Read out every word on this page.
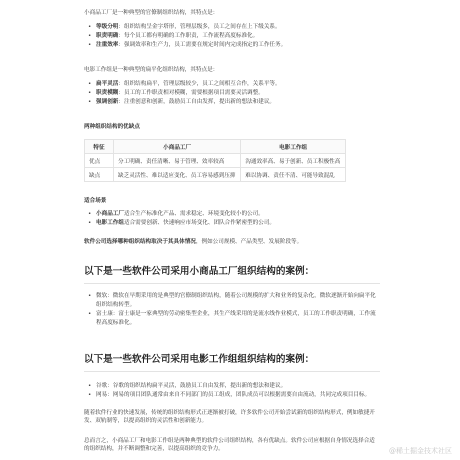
小商品工厂是一种典型的官僚制组织结构，其特点是：

• 等级分明：组织结构呈金字塔形，管理层级多，员工之间存在上下级关系。
• 职责明确：每个员工都有明确的工作职责，工作流程高度标准化。
• 注重效率：强调效率和生产力，员工需要在规定时间内完成指定的工作任务。

电影工作组是一种典型的扁平化组织结构，其特点是：

• 扁平灵活：组织结构扁平，管理层级较少，员工之间相互合作，关系平等。
• 职责模糊：员工的工作职责相对模糊，需要根据项目需要灵活调整。
• 强调创新：注重创意和创新，鼓励员工自由发挥，提出新的想法和建议。

两种组织结构的优缺点

特征	小商品工厂	电影工作组
优点	分工明确、责任清晰、易于管理、效率较高	沟通效率高、易于创新、员工积极性高
缺点	缺乏灵活性、难以适应变化、员工容易感到压抑	难以协调、责任不清、可能导致混乱

适合场景

• 小商品工厂适合生产标准化产品、需求稳定、环境变化较小的公司。
• 电影工作组适合需要创新、快速响应市场变化、团队合作紧密型的公司。

软件公司选择哪种组织结构取决于其具体情况，例如公司规模、产品类型、发展阶段等。

以下是一些软件公司采用小商品工厂组织结构的案例：
• 微软：微软在早期采用的是典型的官僚制组织结构，随着公司规模的扩大和业务的复杂化，微软逐渐开始向扁平化组织结构转型。
• 富士康：富士康是一家典型的劳动密集型企业，其生产线采用的是流水线作业模式，员工的工作职责明确，工作流程高度标准化。
以下是一些软件公司采用电影工作组组织结构的案例：
• 谷歌：谷歌的组织结构扁平灵活，鼓励员工自由发挥，提出新的想法和建议。
• 网易：网易的项目团队通常由来自不同部门的员工组成，团队成员可以根据需要自由流动，共同完成项目目标。

随着软件行业的快速发展，传统的组织结构形式正逐渐被打破，许多软件公司开始尝试新的组织结构形式，例如敏捷开发、双轨制等，以提高组织的灵活性和创新能力。

总而言之，小商品工厂和电影工作组是两种典型的软件公司组织结构，各有优缺点。软件公司应根据自身情况选择合适的组织结构，并不断调整和完善，以提高组织的竞争力。	@稀土掘金技术社区
